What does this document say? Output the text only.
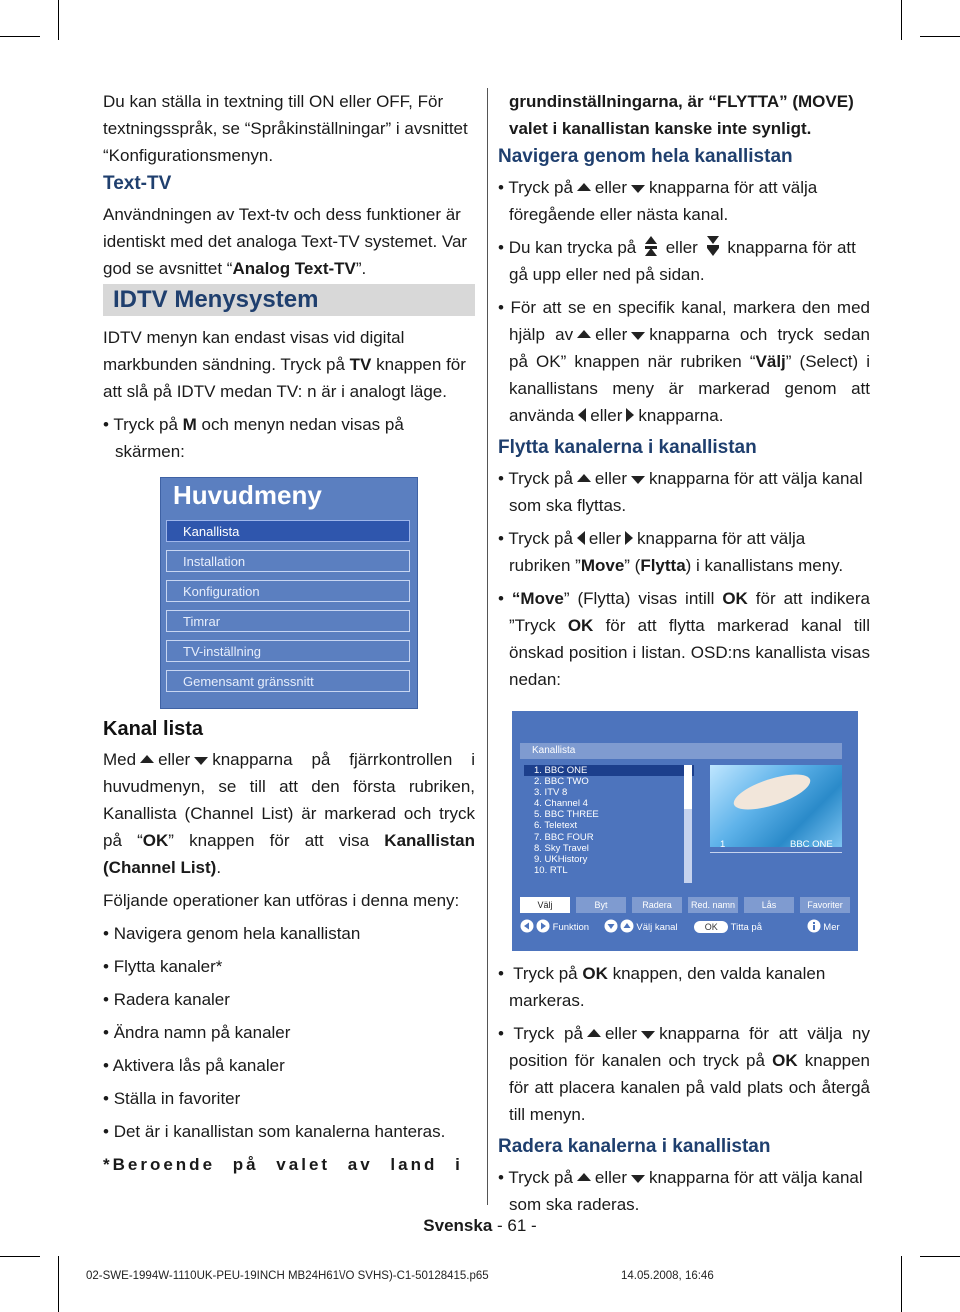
Du kan ställa in textning till ON eller OFF, För textningsspråk, se “Språkinställningar” i avsnittet “Konfigurationsmenyn.

Text-TV

Användningen av Text-tv och dess funktioner är identiskt med det analoga Text-TV systemet. Var god se avsnittet “Analog Text-TV”.

IDTV Menysystem

IDTV menyn kan endast visas vid digital markbunden sändning. Tryck på TV knappen för att slå på IDTV medan TV: n är i analogt läge.

• Tryck på M och menyn nedan visas på skärmen:

Huvudmeny
Kanallista
Installation
Konfiguration
Timrar
TV-inställning
Gemensamt gränssnitt
Kanal lista

Med eller knapparna på fjärrkontrollen i huvudmenyn, se till att den första rubriken, Kanallista (Channel List) är markerad och tryck på “OK” knappen för att visa Kanallistan (Channel List).

Följande operationer kan utföras i denna meny:

• Navigera genom hela kanallistan

• Flytta kanaler*

• Radera kanaler

• Ändra namn på kanaler

• Aktivera lås på kanaler

• Ställa in favoriter

• Det är i kanallistan som kanalerna hanteras.

*Beroende på valet av land i

grundinställningarna, är “FLYTTA” (MOVE) valet i kanallistan kanske inte synligt.

Navigera genom hela kanallistan

• Tryck på eller knapparna för att välja föregående eller nästa kanal.

• Du kan trycka på eller knapparna för att gå upp eller ned på sidan.

• För att se en specifik kanal, markera den med hjälp av eller knapparna och tryck sedan på OK” knappen när rubriken “Välj” (Select) i kanallistans meny är markerad genom att använda eller knapparna.

Flytta kanalerna i kanallistan

• Tryck på eller knapparna för att välja kanal som ska flyttas.

• Tryck på eller knapparna för att välja rubriken ”Move” (Flytta) i kanallistans meny.

• “Move” (Flytta) visas intill OK för att indikera ”Tryck OK för att flytta markerad kanal till önskad position i listan. OSD:ns kanallista visas nedan:

Kanallista
1. BBC ONE
2. BBC TWO
3. ITV 8
4. Channel 4
5. BBC THREE
6. Teletext
7. BBC FOUR
8. Sky Travel
9. UKHistory
10. RTL
1	BBC ONE
Välj	Byt	Radera	Red. namn	Lås	Favoriter
Funktion	Välj kanal	OK Titta på	Mer

•   Tryck på OK knappen, den valda kanalen markeras.

• Tryck på eller knapparna för att välja ny position för kanalen och tryck på OK knappen för att placera kanalen på vald plats och återgå till menyn.

Radera kanalerna i kanallistan

• Tryck på eller knapparna för att välja kanal som ska raderas.

Svenska - 61 -
02-SWE-1994W-1110UK-PEU-19INCH MB24H61\/O SVHS)-C1-50128415.p65	14.05.2008, 16:46
